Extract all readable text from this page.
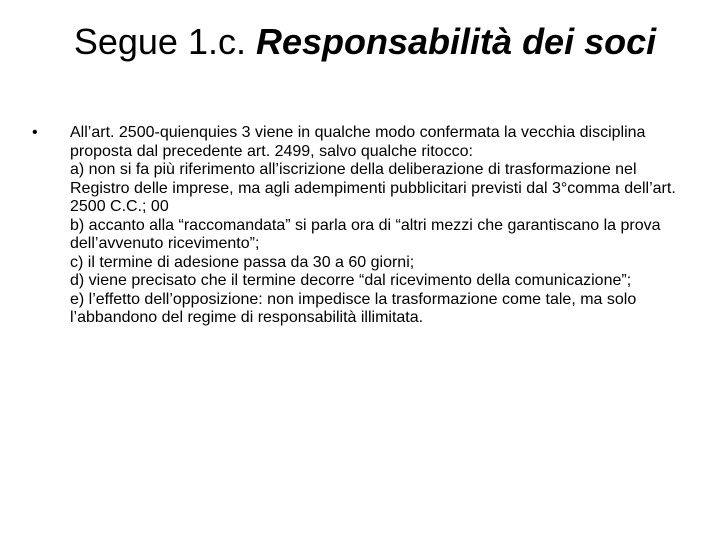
Segue 1.c. Responsabilità dei soci
•	All’art. 2500-quienquies 3 viene in qualche modo confermata la vecchia disciplina proposta dal precedente art. 2499, salvo qualche ritocco:

a) non si fa più riferimento all’iscrizione della deliberazione di trasformazione nel Registro delle imprese, ma agli adempimenti pubblicitari previsti dal 3°comma dell’art. 2500 C.C.; 00

b) accanto alla “raccomandata” si parla ora di “altri mezzi che garantiscano la prova dell’avvenuto ricevimento”;

c) il termine di adesione passa da 30 a 60 giorni;

d) viene precisato che il termine decorre “dal ricevimento della comunicazione”;

e) l’effetto dell’opposizione: non impedisce la trasformazione come tale, ma solo l’abbandono del regime di responsabilità illimitata.
